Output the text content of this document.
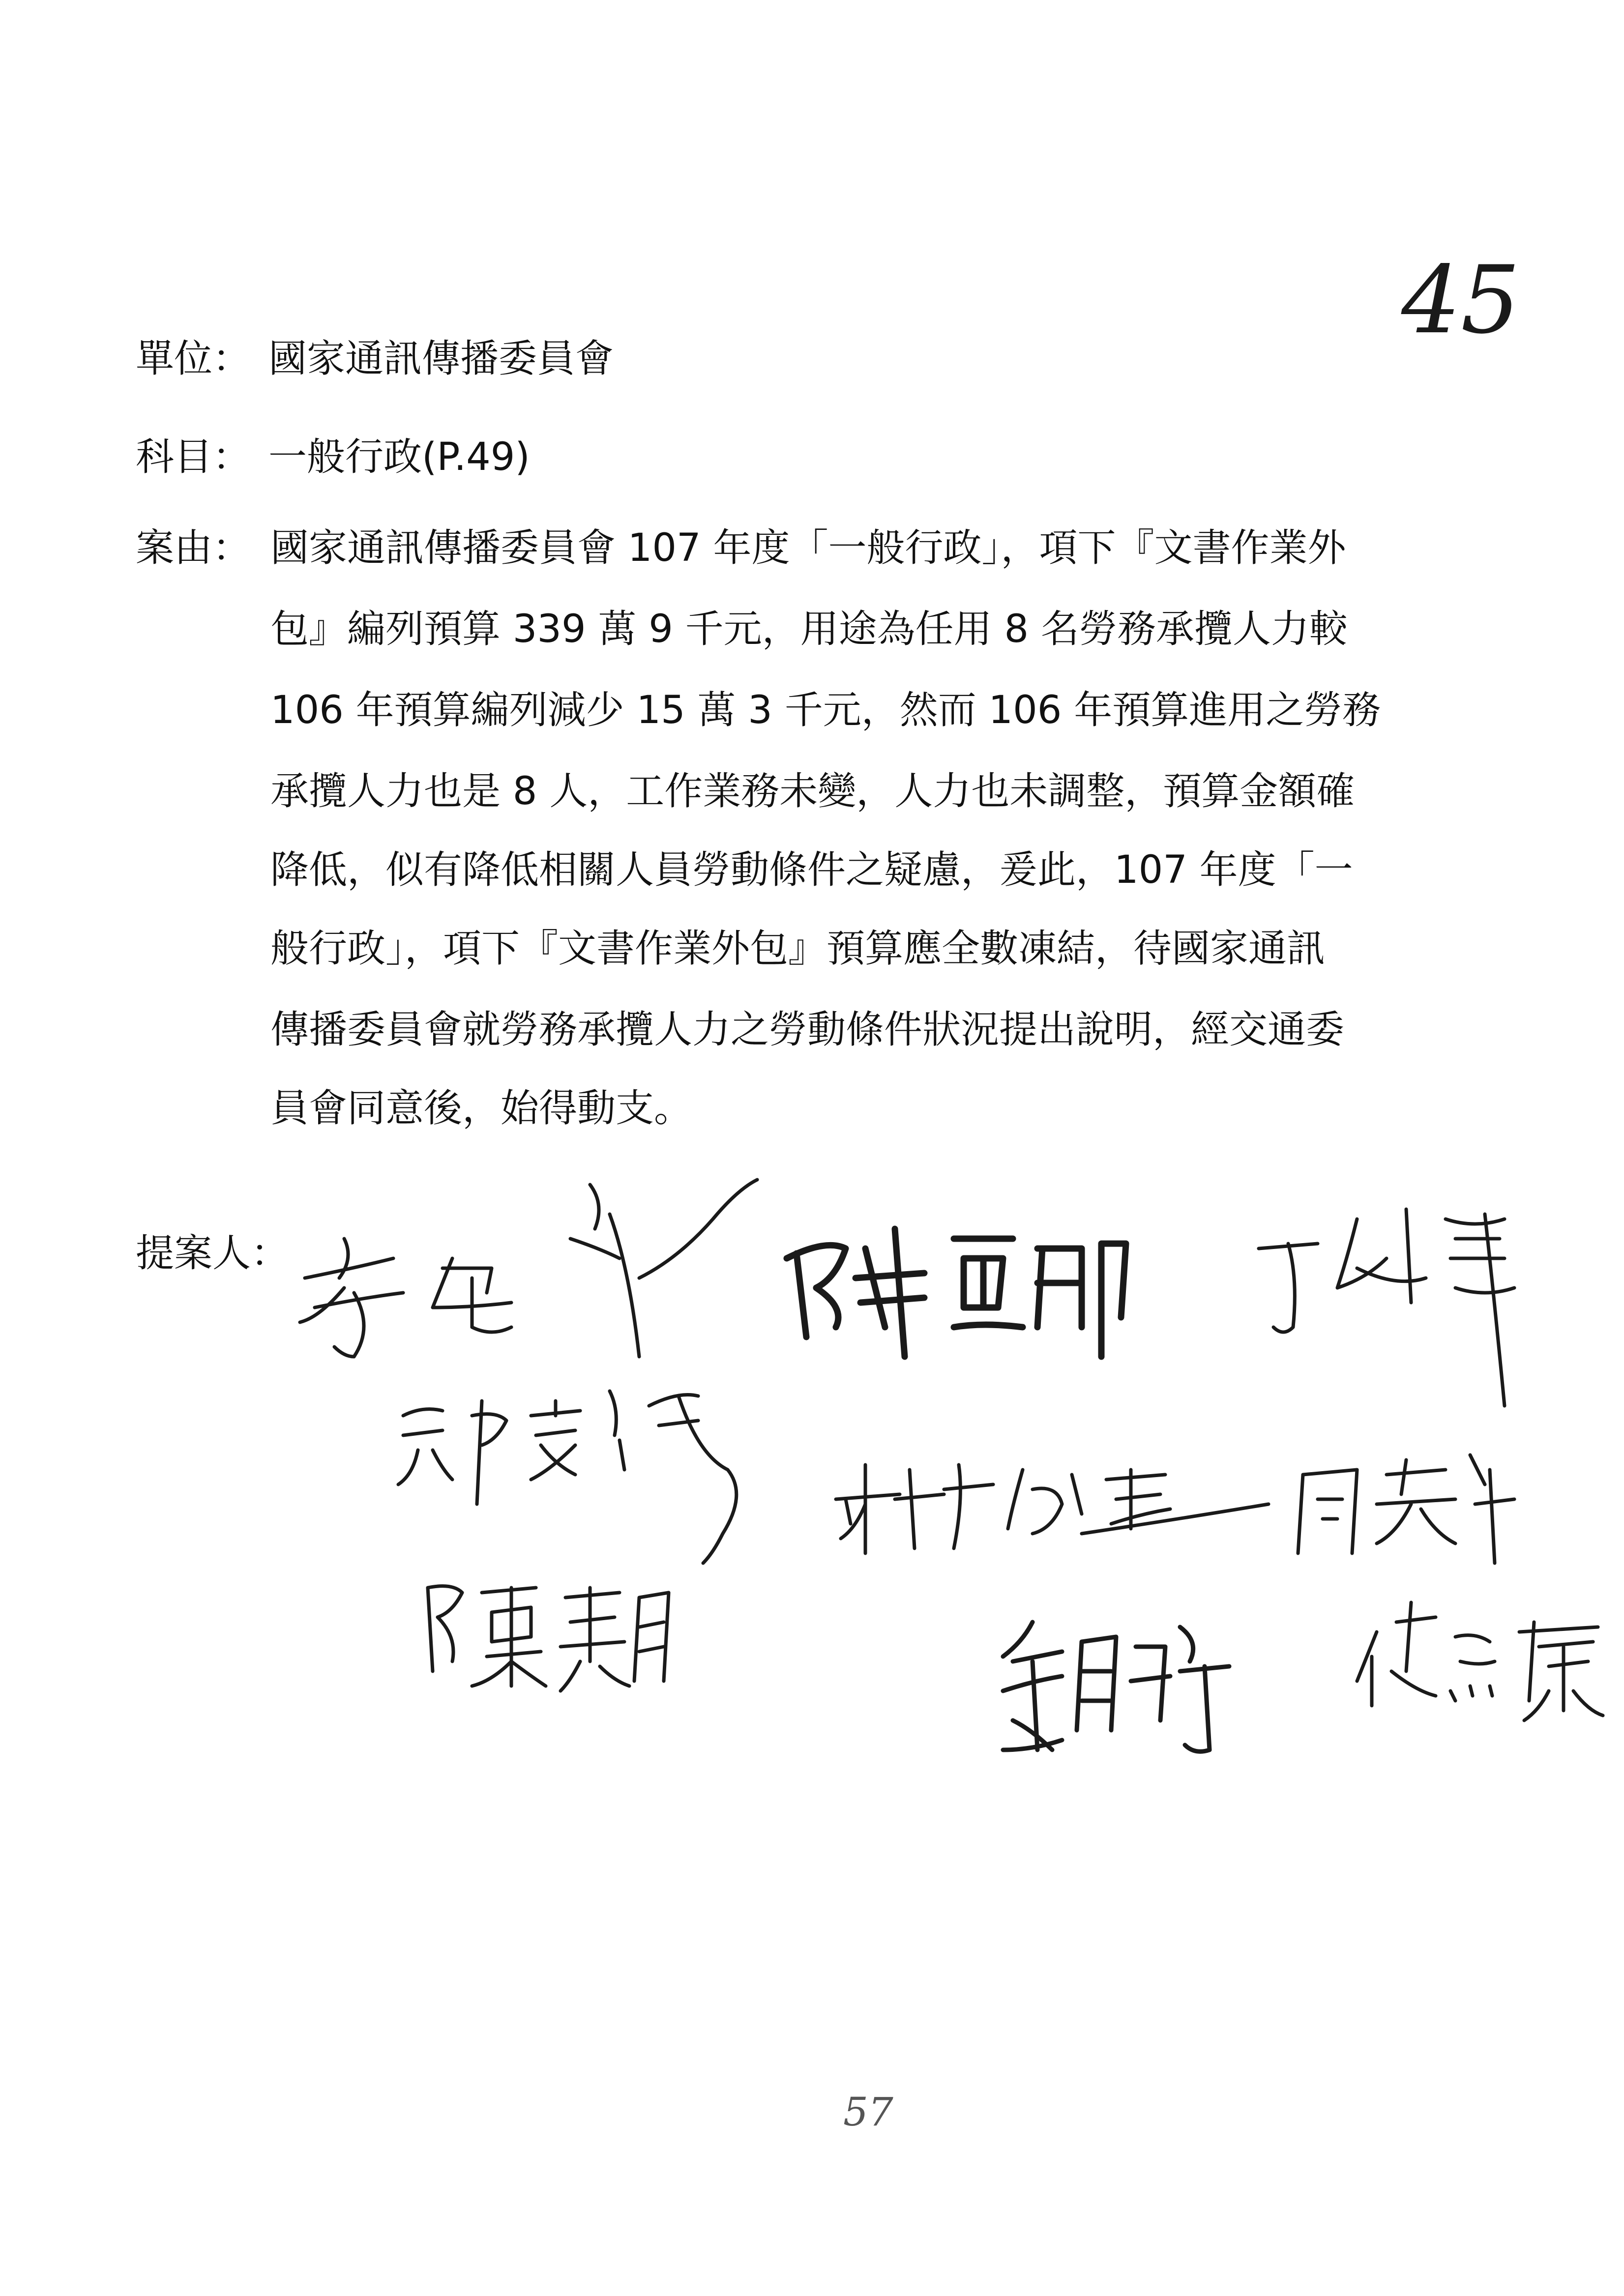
45
單位： 國家通訊傳播委員會
科目： 一般行政(P.49)
案由： 國家通訊傳播委員會 107 年度「一般行政」，項下『文書作業外
包』編列預算 339 萬 9 千元，用途為任用 8 名勞務承攬人力較
106 年預算編列減少 15 萬 3 千元，然而 106 年預算進用之勞務
承攬人力也是 8 人，工作業務未變，人力也未調整，預算金額確
降低，似有降低相關人員勞動條件之疑慮，爰此，107 年度「一
般行政」，項下『文書作業外包』預算應全數凍結，待國家通訊
傳播委員會就勞務承攬人力之勞動條件狀況提出說明，經交通委
員會同意後，始得動支。
提案人：
57
